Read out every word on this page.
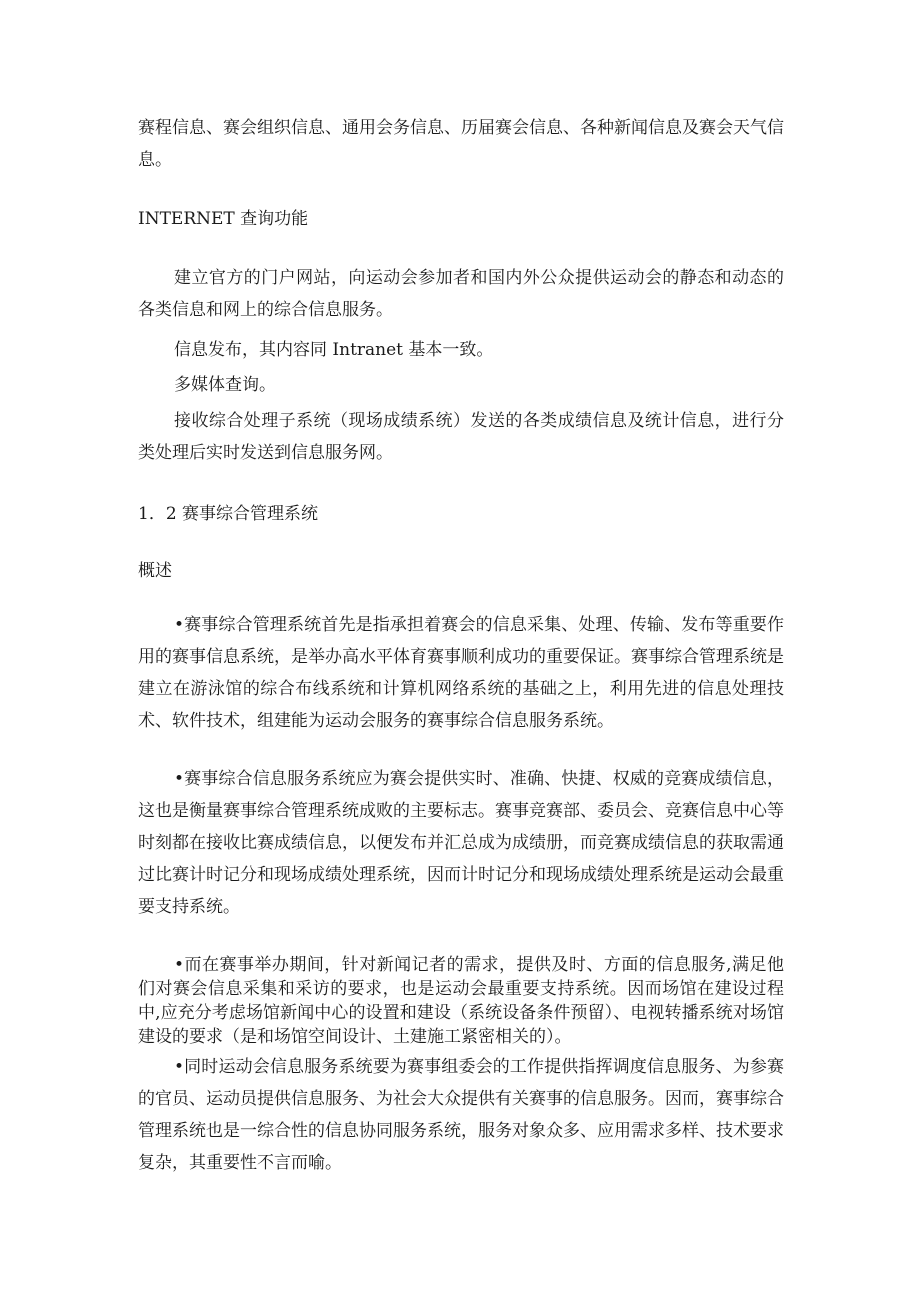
赛程信息、赛会组织信息、通用会务信息、历届赛会信息、各种新闻信息及赛会天气信息。

INTERNET 查询功能

建立官方的门户网站，向运动会参加者和国内外公众提供运动会的静态和动态的各类信息和网上的综合信息服务。

信息发布，其内容同 Intranet 基本一致。

多媒体查询。

接收综合处理子系统（现场成绩系统）发送的各类成绩信息及统计信息，进行分类处理后实时发送到信息服务网。

1．2 赛事综合管理系统

概述

•赛事综合管理系统首先是指承担着赛会的信息采集、处理、传输、发布等重要作用的赛事信息系统，是举办高水平体育赛事顺利成功的重要保证。赛事综合管理系统是建立在游泳馆的综合布线系统和计算机网络系统的基础之上，利用先进的信息处理技术、软件技术，组建能为运动会服务的赛事综合信息服务系统。

•赛事综合信息服务系统应为赛会提供实时、准确、快捷、权威的竞赛成绩信息，这也是衡量赛事综合管理系统成败的主要标志。赛事竞赛部、委员会、竞赛信息中心等时刻都在接收比赛成绩信息，以便发布并汇总成为成绩册，而竞赛成绩信息的获取需通过比赛计时记分和现场成绩处理系统，因而计时记分和现场成绩处理系统是运动会最重要支持系统。

•而在赛事举办期间，针对新闻记者的需求，提供及时、方面的信息服务,满足他们对赛会信息采集和采访的要求，也是运动会最重要支持系统。因而场馆在建设过程中,应充分考虑场馆新闻中心的设置和建设（系统设备条件预留）、电视转播系统对场馆建设的要求（是和场馆空间设计、土建施工紧密相关的）。

•同时运动会信息服务系统要为赛事组委会的工作提供指挥调度信息服务、为参赛的官员、运动员提供信息服务、为社会大众提供有关赛事的信息服务。因而，赛事综合管理系统也是一综合性的信息协同服务系统，服务对象众多、应用需求多样、技术要求复杂，其重要性不言而喻。
